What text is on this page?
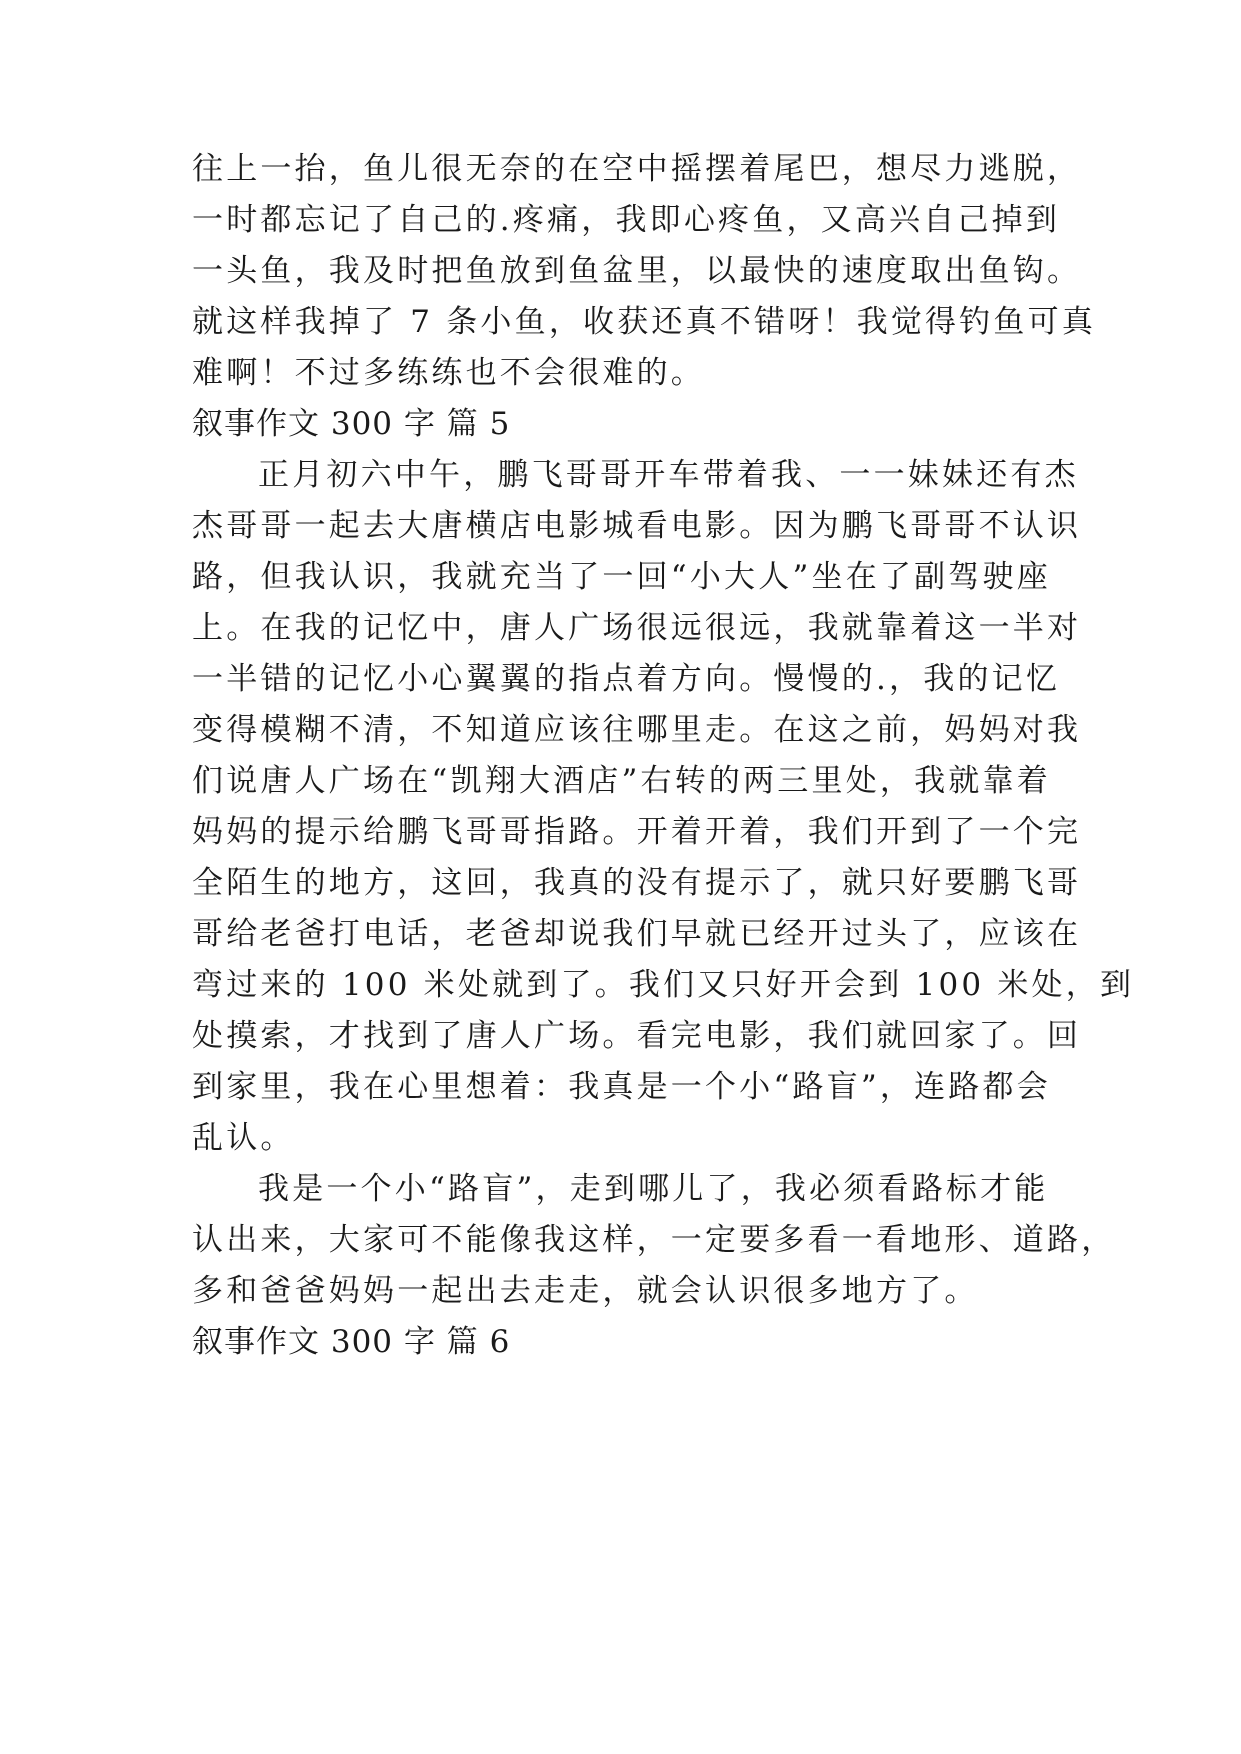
往上一抬，鱼儿很无奈的在空中摇摆着尾巴，想尽力逃脱，
一时都忘记了自己的.疼痛，我即心疼鱼，又高兴自己掉到
一头鱼，我及时把鱼放到鱼盆里，以最快的速度取出鱼钩。
就这样我掉了 7 条小鱼，收获还真不错呀！我觉得钓鱼可真
难啊！不过多练练也不会很难的。
叙事作文 300 字 篇 5
正月初六中午，鹏飞哥哥开车带着我、一一妹妹还有杰
杰哥哥一起去大唐横店电影城看电影。因为鹏飞哥哥不认识
路，但我认识，我就充当了一回“小大人”坐在了副驾驶座
上。在我的记忆中，唐人广场很远很远，我就靠着这一半对
一半错的记忆小心翼翼的指点着方向。慢慢的.，我的记忆
变得模糊不清，不知道应该往哪里走。在这之前，妈妈对我
们说唐人广场在“凯翔大酒店”右转的两三里处，我就靠着
妈妈的提示给鹏飞哥哥指路。开着开着，我们开到了一个完
全陌生的地方，这回，我真的没有提示了，就只好要鹏飞哥
哥给老爸打电话，老爸却说我们早就已经开过头了，应该在
弯过来的 100 米处就到了。我们又只好开会到 100 米处，到
处摸索，才找到了唐人广场。看完电影，我们就回家了。回
到家里，我在心里想着：我真是一个小“路盲”，连路都会
乱认。
我是一个小“路盲”，走到哪儿了，我必须看路标才能
认出来，大家可不能像我这样，一定要多看一看地形、道路，
多和爸爸妈妈一起出去走走，就会认识很多地方了。
叙事作文 300 字 篇 6
